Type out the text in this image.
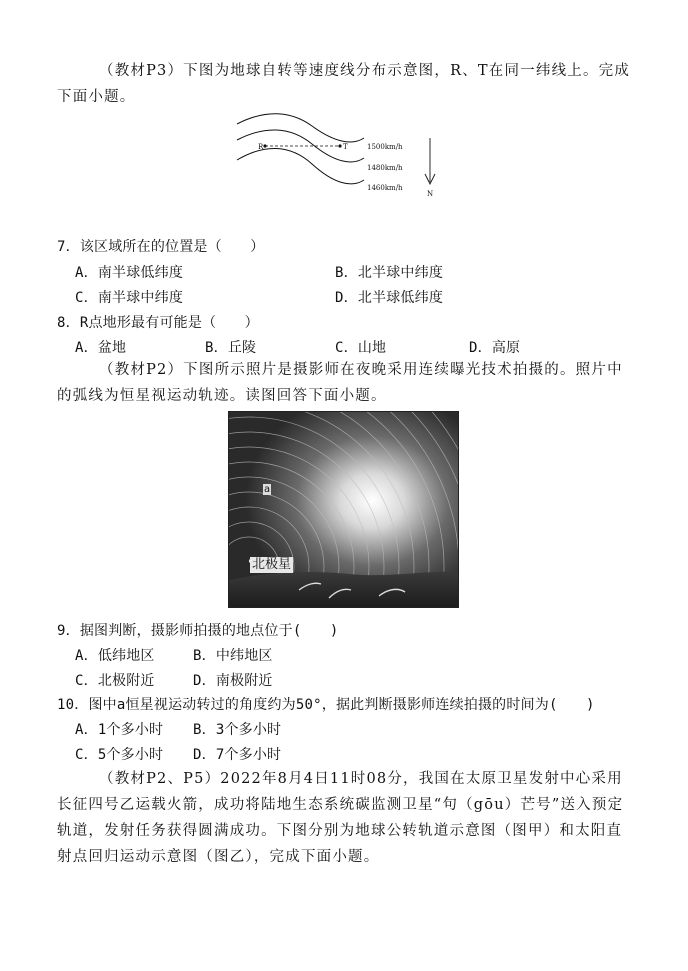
（教材P3）下图为地球自转等速度线分布示意图，R、T在同一纬线上。完成下面小题。

R	T	1500km/h
1480km/h
1460km/h
N

7．该区域所在的位置是（　　）

A．南半球低纬度	B．北半球中纬度

C．南半球中纬度	D．北半球低纬度

8．R点地形最有可能是（　　）

A．盆地	B．丘陵	C．山地	D．高原

（教材P2）下图所示照片是摄影师在夜晚采用连续曝光技术拍摄的。照片中的弧线为恒星视运动轨迹。读图回答下面小题。

a
北极星

9．据图判断，摄影师拍摄的地点位于(　　)

A．低纬地区	B．中纬地区

C．北极附近	D．南极附近

10．图中a恒星视运动转过的角度约为50°，据此判断摄影师连续拍摄的时间为(　　)

A．1个多小时 B．3个多小时

C．5个多小时 D．7个多小时

（教材P2、P5）2022年8月4日11时08分，我国在太原卫星发射中心采用长征四号乙运载火箭，成功将陆地生态系统碳监测卫星“句（gōu）芒号”送入预定轨道，发射任务获得圆满成功。下图分别为地球公转轨道示意图（图甲）和太阳直射点回归运动示意图（图乙），完成下面小题。
